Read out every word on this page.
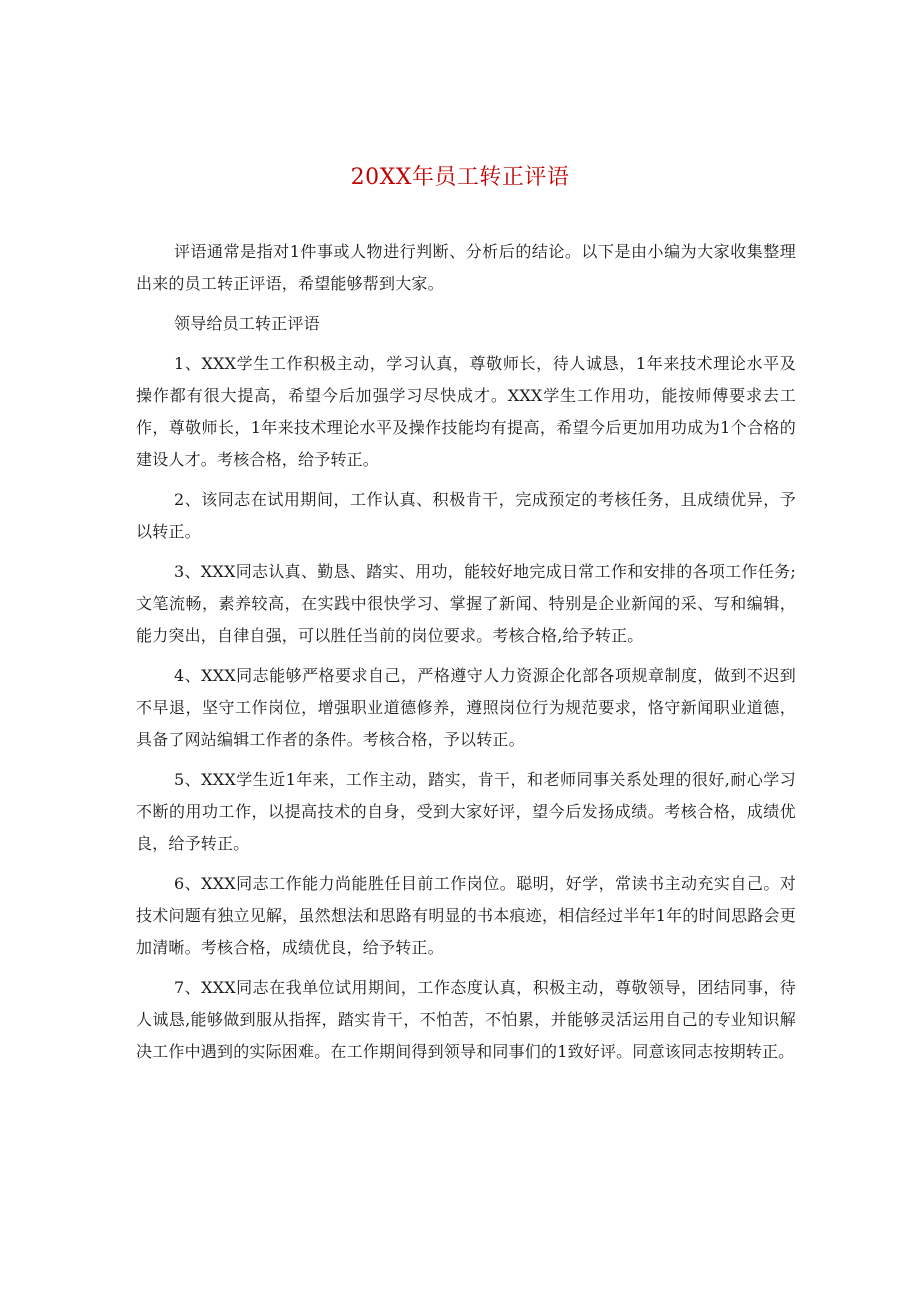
20XX年员工转正评语

评语通常是指对1件事或人物进行判断、分析后的结论。以下是由小编为大家收集整理出来的员工转正评语，希望能够帮到大家。

领导给员工转正评语

1、XXX学生工作积极主动，学习认真，尊敬师长，待人诚恳，1年来技术理论水平及操作都有很大提高，希望今后加强学习尽快成才。XXX学生工作用功，能按师傅要求去工作，尊敬师长，1年来技术理论水平及操作技能均有提高，希望今后更加用功成为1个合格的建设人才。考核合格，给予转正。

2、该同志在试用期间，工作认真、积极肯干，完成预定的考核任务，且成绩优异，予以转正。

3、XXX同志认真、勤恳、踏实、用功，能较好地完成日常工作和安排的各项工作任务;文笔流畅，素养较高，在实践中很快学习、掌握了新闻、特别是企业新闻的采、写和编辑，能力突出，自律自强，可以胜任当前的岗位要求。考核合格,给予转正。

4、XXX同志能够严格要求自己，严格遵守人力资源企化部各项规章制度，做到不迟到不早退，坚守工作岗位，增强职业道德修养，遵照岗位行为规范要求，恪守新闻职业道德，具备了网站编辑工作者的条件。考核合格，予以转正。

5、XXX学生近1年来，工作主动，踏实，肯干，和老师同事关系处理的很好,耐心学习不断的用功工作，以提高技术的自身，受到大家好评，望今后发扬成绩。考核合格，成绩优良，给予转正。

6、XXX同志工作能力尚能胜任目前工作岗位。聪明，好学，常读书主动充实自己。对技术问题有独立见解，虽然想法和思路有明显的书本痕迹，相信经过半年1年的时间思路会更加清晰。考核合格，成绩优良，给予转正。

7、XXX同志在我单位试用期间，工作态度认真，积极主动，尊敬领导，团结同事，待人诚恳,能够做到服从指挥，踏实肯干，不怕苦，不怕累，并能够灵活运用自己的专业知识解决工作中遇到的实际困难。在工作期间得到领导和同事们的1致好评。同意该同志按期转正。
